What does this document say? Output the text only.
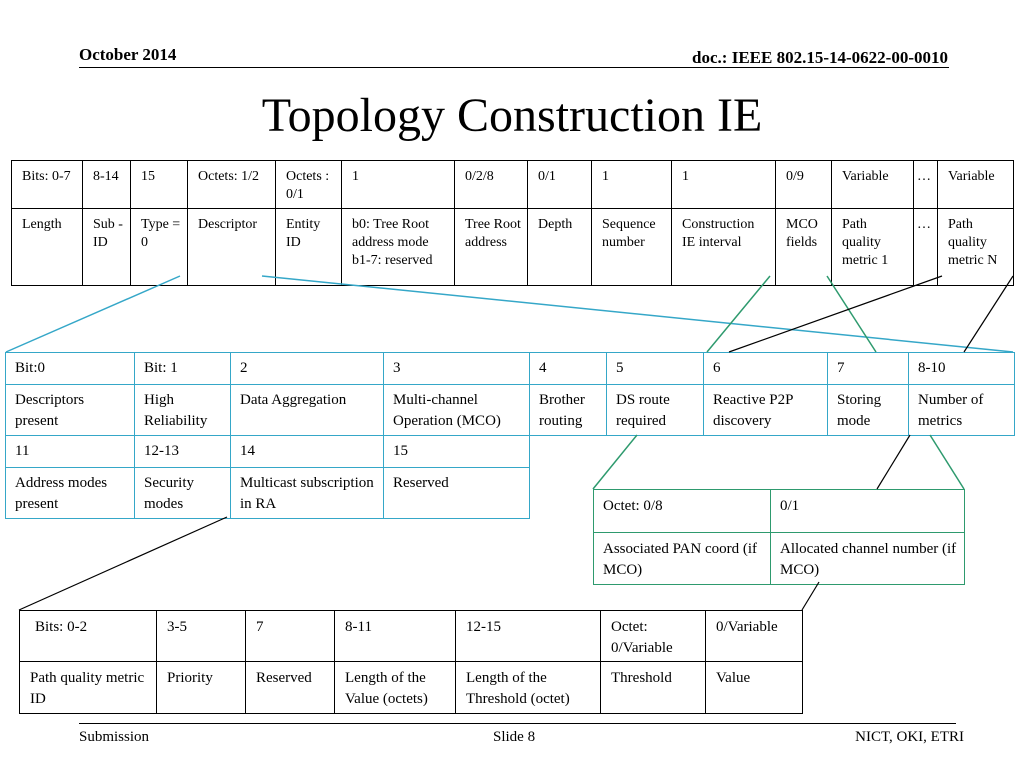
October 2014	doc.: IEEE 802.15-14-0622-00-0010
Topology Construction IE
Bits: 0-7	8-14	15	Octets: 1/2	Octets : 0/1	1	0/2/8	0/1	1	1	0/9	Variable	…	Variable
Length	Sub -ID	Type = 0	Descriptor	Entity ID	b0: Tree Root address mode b1-7: reserved	Tree Root address	Depth	Sequence number	Construction IE interval	MCO fields	Path quality metric 1	…	Path quality metric N
Bit:0	Bit: 1	2	3
Descriptors present	High Reliability	Data Aggregation	Multi-channel Operation (MCO)
11	12-13	14	15
Address modes present	Security modes	Multicast subscription in RA	Reserved
4	5	6	7	8-10
Brother routing	DS route required	Reactive P2P discovery	Storing mode	Number of metrics
Octet: 0/8	0/1
Associated PAN coord (if MCO)	Allocated channel number (if MCO)
Bits: 0-2	3-5	7	8-11	12-15	Octet: 0/Variable	0/Variable
Path quality metric ID	Priority	Reserved	Length of the Value (octets)	Length of the Threshold (octet)	Threshold	Value
Submission	Slide 8	NICT, OKI, ETRI
